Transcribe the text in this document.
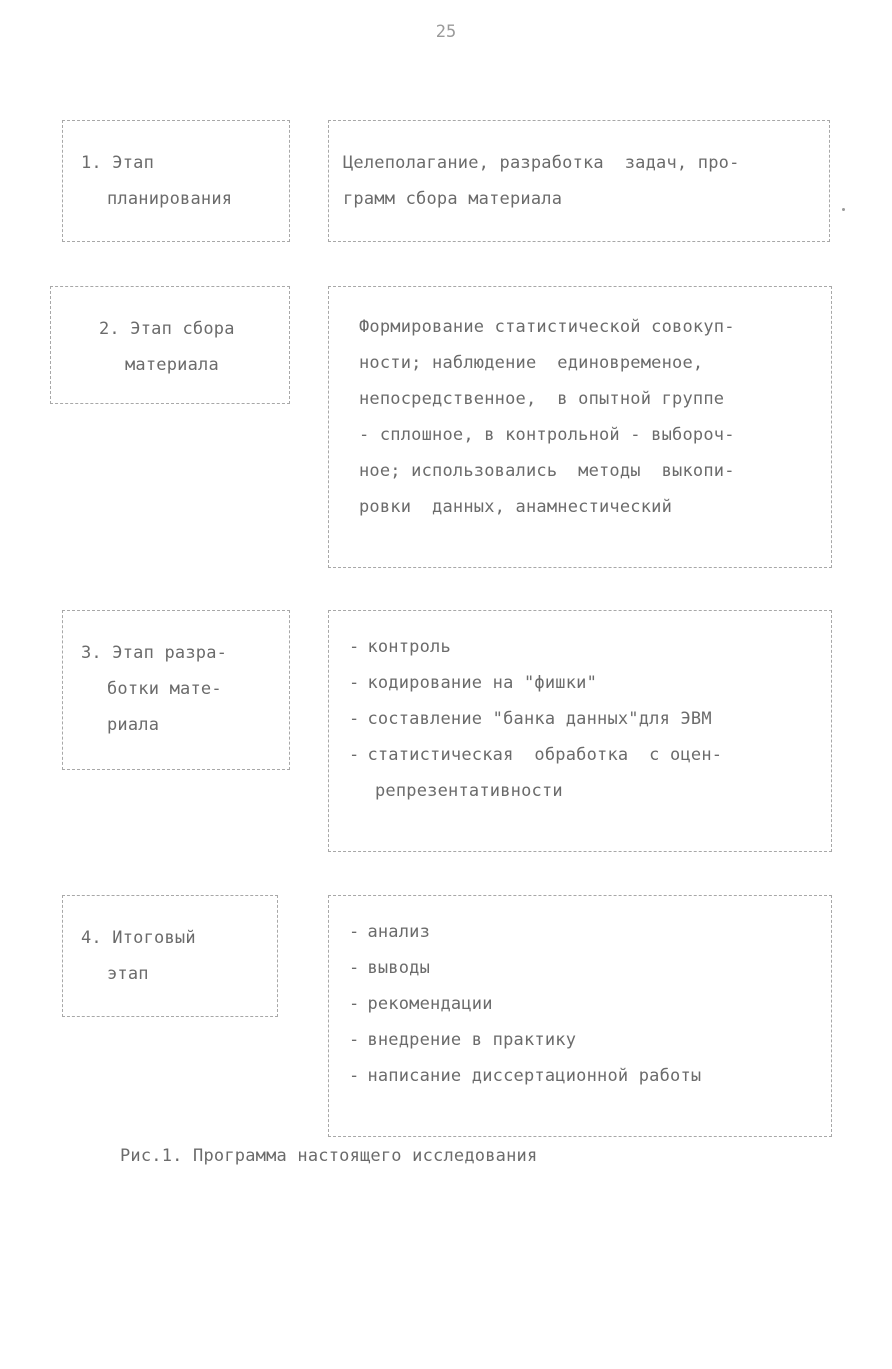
25
1. Этап
планирования
Целеполагание, разработка  задач, про-
грамм сбора материала
2. Этап сбора
материала
Формирование статистической совокуп-
ности; наблюдение  единовременое,
непосредственное,  в опытной группе
- сплошное, в контрольной - выбороч-
ное; использовались  методы  выкопи-
ровки  данных, анамнестический
3. Этап разра-
ботки мате-
риала
- контроль
- кодирование на "фишки"
- составление "банка данных"для ЭВМ
- статистическая  обработка  с оцен-
репрезентативности
4. Итоговый
этап
- анализ
- выводы
- рекомендации
- внедрение в практику
- написание диссертационной работы
Рис.1. Программа настоящего исследования
